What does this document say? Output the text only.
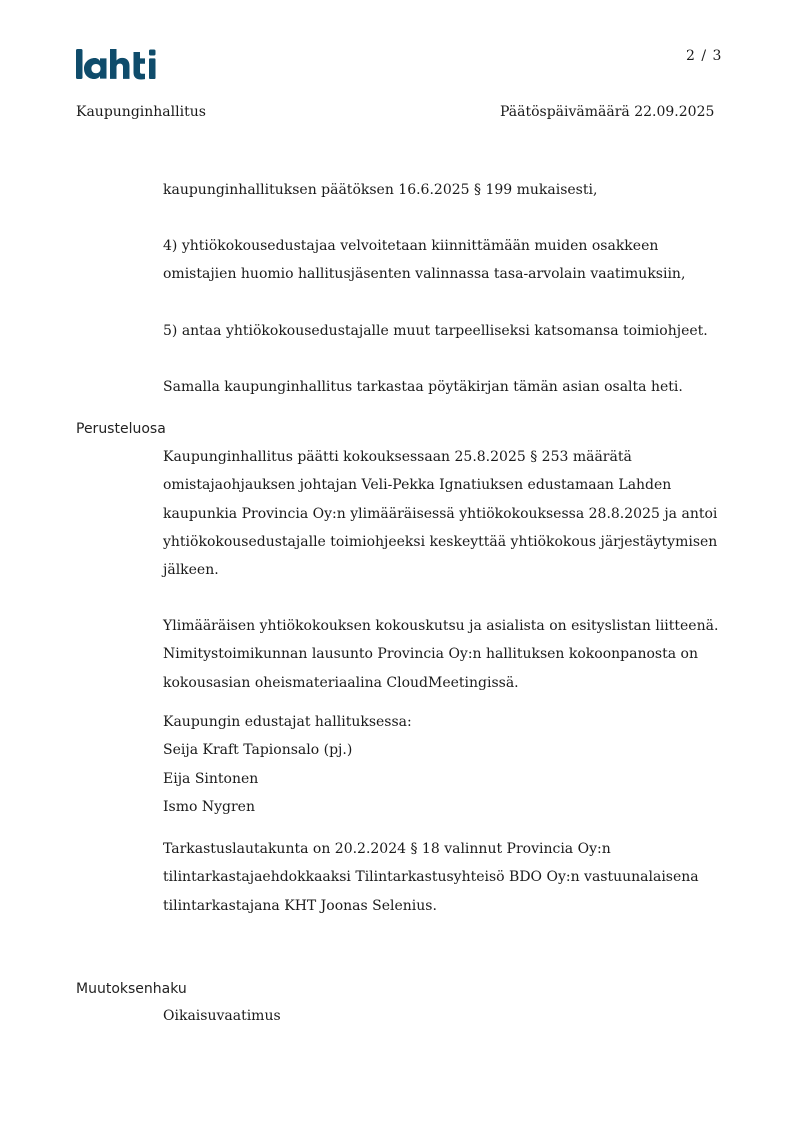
2 / 3
Kaupunginhallitus	Päätöspäivämäärä 22.09.2025
kaupunginhallituksen päätöksen 16.6.2025 § 199 mukaisesti,
4) yhtiökokousedustajaa velvoitetaan kiinnittämään muiden osakkeen
omistajien huomio hallitusjäsenten valinnassa tasa-arvolain vaatimuksiin,
5) antaa yhtiökokousedustajalle muut tarpeelliseksi katsomansa toimiohjeet.
Samalla kaupunginhallitus tarkastaa pöytäkirjan tämän asian osalta heti.
Perusteluosa
Kaupunginhallitus päätti kokouksessaan 25.8.2025 § 253 määrätä
omistajaohjauksen johtajan Veli-Pekka Ignatiuksen edustamaan Lahden
kaupunkia Provincia Oy:n ylimääräisessä yhtiökokouksessa 28.8.2025 ja antoi
yhtiökokousedustajalle toimiohjeeksi keskeyttää yhtiökokous järjestäytymisen
jälkeen.
Ylimääräisen yhtiökokouksen kokouskutsu ja asialista on esityslistan liitteenä.
Nimitystoimikunnan lausunto Provincia Oy:n hallituksen kokoonpanosta on
kokousasian oheismateriaalina CloudMeetingissä.
Kaupungin edustajat hallituksessa:
Seija Kraft Tapionsalo (pj.)
Eija Sintonen
Ismo Nygren
Tarkastuslautakunta on 20.2.2024 § 18 valinnut Provincia Oy:n
tilintarkastajaehdokkaaksi Tilintarkastusyhteisö BDO Oy:n vastuunalaisena
tilintarkastajana KHT Joonas Selenius.
Muutoksenhaku
Oikaisuvaatimus
